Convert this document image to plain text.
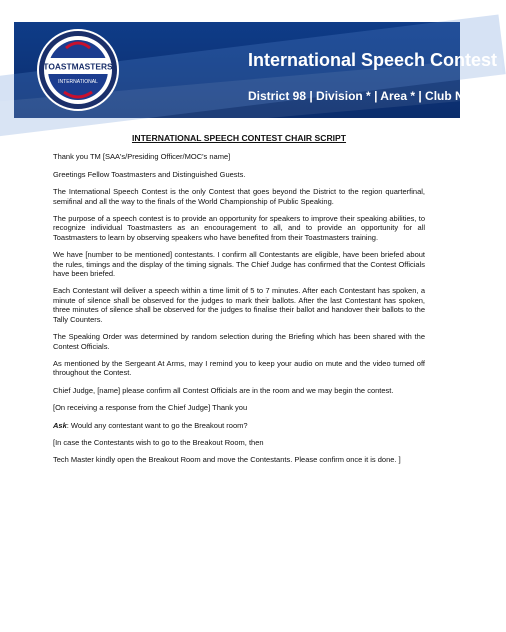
TOASTMASTERS
INTERNATIONAL
International Speech Contest
District 98 | Division * | Area * | Club Name
INTERNATIONAL SPEECH CONTEST CHAIR SCRIPT

Thank you TM [SAA's/Presiding Officer/MOC's name]

Greetings Fellow Toastmasters and Distinguished Guests.

The International Speech Contest is the only Contest that goes beyond the District to the region quarterfinal, semifinal and all the way to the finals of the World Championship of Public Speaking.

The purpose of a speech contest is to provide an opportunity for speakers to improve their speaking abilities, to recognize individual Toastmasters as an encouragement to all, and to provide an opportunity for all Toastmasters to learn by observing speakers who have benefited from their Toastmasters training.

We have [number to be mentioned] contestants. I confirm all Contestants are eligible, have been briefed about the rules, timings and the display of the timing signals. The Chief Judge has confirmed that the Contest Officials have been briefed.

Each Contestant will deliver a speech within a time limit of 5 to 7 minutes. After each Contestant has spoken, a minute of silence shall be observed for the judges to mark their ballots. After the last Contestant has spoken, three minutes of silence shall be observed for the judges to finalise their ballot and handover their ballots to the Tally Counters.

The Speaking Order was determined by random selection during the Briefing which has been shared with the Contest Officials.

As mentioned by the Sergeant At Arms, may I remind you to keep your audio on mute and the video turned off throughout the Contest.

Chief Judge, [name] please confirm all Contest Officials are in the room and we may begin the contest.

[On receiving a response from the Chief Judge] Thank you

Ask: Would any contestant want to go the Breakout room?

[In case the Contestants wish to go to the Breakout Room, then

Tech Master kindly open the Breakout Room and move the Contestants. Please confirm once it is done. ]
